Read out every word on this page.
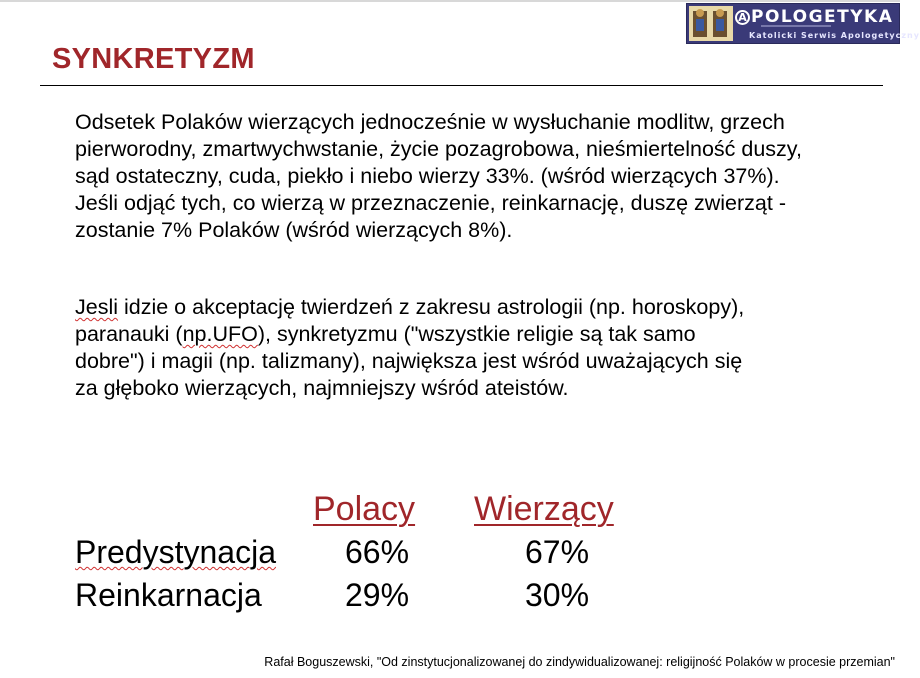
A POLOGETYKA
Katolicki Serwis Apologetyczny
SYNKRETYZM

Odsetek Polaków wierzących jednocześnie w wysłuchanie modlitw, grzech pierworodny, zmartwychwstanie, życie pozagrobowa, nieśmiertelność duszy, sąd ostateczny, cuda, piekło i niebo wierzy 33%. (wśród wierzących 37%).
Jeśli odjąć tych, co wierzą w przeznaczenie, reinkarnację, duszę zwierząt - zostanie 7% Polaków (wśród wierzących 8%).

Jesli idzie o akceptację twierdzeń z zakresu astrologii (np. horoskopy),
paranauki (np.UFO), synkretyzmu ("wszystkie religie są tak samo
dobre") i magii (np. talizmany), największa jest wśród uważających się
za głęboko wierzących, najmniejszy wśród ateistów.

Polacy Wierzący
Predystynacja 66%	67%
Reinkarnacja	29%	30%
Rafał Boguszewski, "Od zinstytucjonalizowanej do zindywidualizowanej: religijność Polaków w procesie przemian"
